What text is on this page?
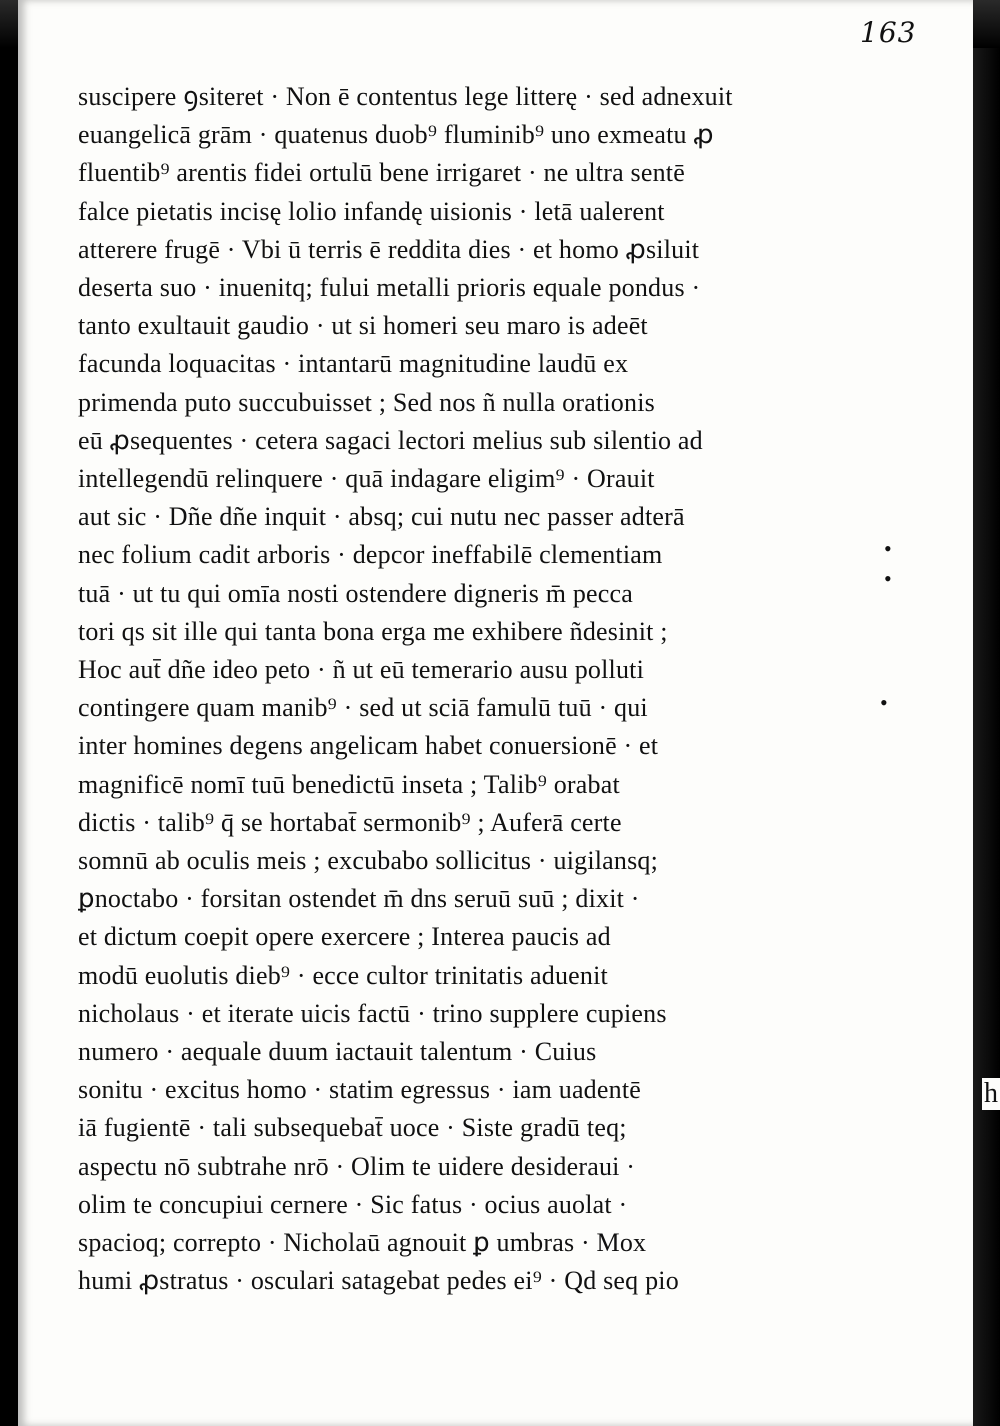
163
suscipere ꝯsiteret · Non ē contentus lege litterę · sed adnexuit
euangelicā grām · quatenus duob⁹ fluminib⁹ uno exmeatu ꝓ
fluentib⁹ arentis fidei ortulū bene irrigaret · ne ultra sentē
falce pietatis incisę lolio infandę uisionis · letā ualerent
atterere frugē · Vbi ū terris ē reddita dies · et homo ꝓsiluit
deserta suo · inuenitq; fului metalli prioris equale pondus ·
tanto exultauit gaudio · ut si homeri seu maro is adeēt
facunda loquacitas · intantarū magnitudine laudū ex
primenda puto succubuisset ; Sed nos ñ nulla orationis
eū ꝓsequentes · cetera sagaci lectori melius sub silentio ad
intellegendū relinquere · quā indagare eligim⁹ · Orauit
aut sic · Dñe dñe inquit · absq; cui nutu nec passer adterā
nec folium cadit arboris · depcor ineffabilē clementiam
tuā · ut tu qui omīa nosti ostendere digneris m̄ pecca
tori qs sit ille qui tanta bona erga me exhibere ñdesinit ;
Hoc aut̄ dñe ideo peto · ñ ut eū temerario ausu polluti
contingere quam manib⁹ · sed ut sciā famulū tuū · qui
inter homines degens angelicam habet conuersionē · et
magnificē nomī tuū benedictū inseta ; Talib⁹ orabat
dictis · talib⁹ q̄ se hortabat̄ sermonib⁹ ; Auferā certe
somnū ab oculis meis ; excubabo sollicitus · uigilansq;
ꝑnoctabo · forsitan ostendet m̄ dns seruū suū ; dixit ·
et dictum coepit opere exercere ; Interea paucis ad
modū euolutis dieb⁹ · ecce cultor trinitatis aduenit
nicholaus · et iterate uicis factū · trino supplere cupiens
numero · aequale duum iactauit talentum · Cuius
sonitu · excitus homo · statim egressus · iam uadentē
iā fugientē · tali subsequebat̄ uoce · Siste gradū teq;
aspectu nō subtrahe nrō · Olim te uidere desideraui ·
olim te concupiui cernere · Sic fatus · ocius auolat ·
spacioq; correpto · Nicholaū agnouit ꝑ umbras · Mox
humi ꝓstratus · osculari satagebat pedes ei⁹ · Qd seq pio
•
•
•
h
